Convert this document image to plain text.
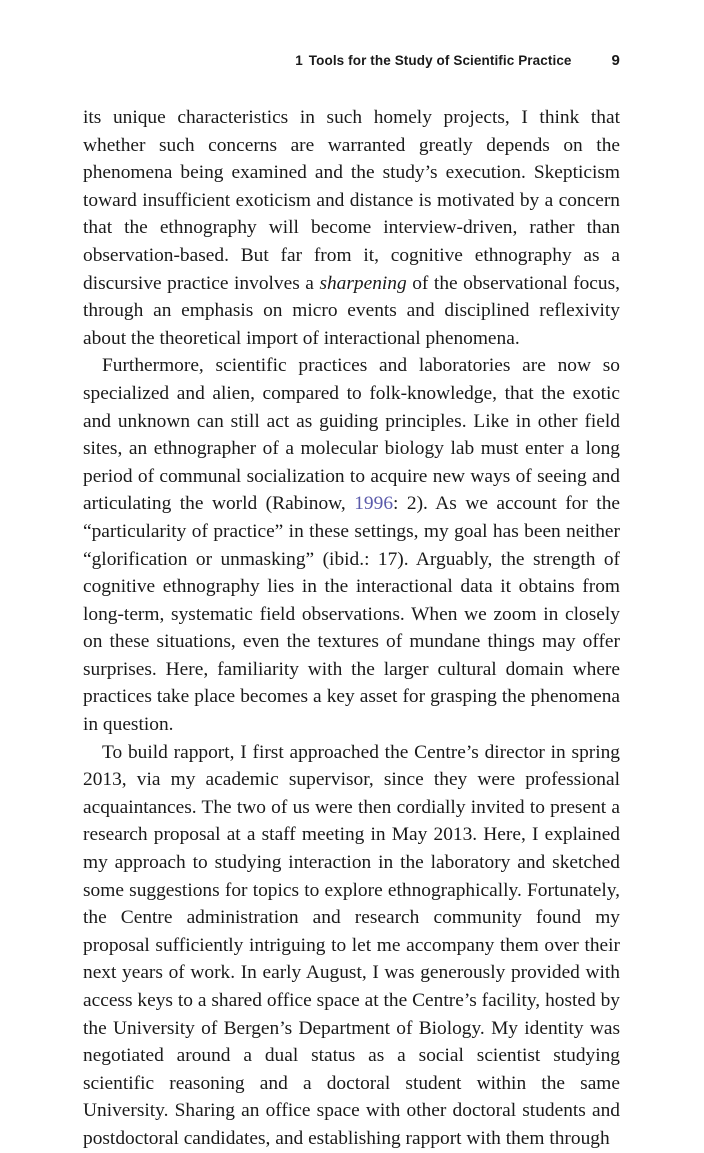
1 Tools for the Study of Scientific Practice	9

its unique characteristics in such homely projects, I think that whether such concerns are warranted greatly depends on the phenomena being examined and the study’s execution. Skepticism toward insufficient exoticism and distance is motivated by a concern that the ethnography will become interview-driven, rather than observation-based. But far from it, cognitive ethnography as a discursive practice involves a sharpening of the observational focus, through an emphasis on micro events and disciplined reflexivity about the theoretical import of interactional phenomena.

Furthermore, scientific practices and laboratories are now so specialized and alien, compared to folk-knowledge, that the exotic and unknown can still act as guiding principles. Like in other field sites, an ethnographer of a molecular biology lab must enter a long period of communal socialization to acquire new ways of seeing and articulating the world (Rabinow, 1996: 2). As we account for the “particularity of practice” in these settings, my goal has been neither “glorification or unmasking” (ibid.: 17). Arguably, the strength of cognitive ethnography lies in the interactional data it obtains from long-term, systematic field observations. When we zoom in closely on these situations, even the textures of mundane things may offer surprises. Here, familiarity with the larger cultural domain where practices take place becomes a key asset for grasping the phenomena in question.

To build rapport, I first approached the Centre’s director in spring 2013, via my academic supervisor, since they were professional acquaintances. The two of us were then cordially invited to present a research proposal at a staff meeting in May 2013. Here, I explained my approach to studying interaction in the laboratory and sketched some suggestions for topics to explore ethnographically. Fortunately, the Centre administration and research community found my proposal sufficiently intriguing to let me accompany them over their next years of work. In early August, I was generously provided with access keys to a shared office space at the Centre’s facility, hosted by the University of Bergen’s Department of Biology. My identity was negotiated around a dual status as a social scientist studying scientific reasoning and a doctoral student within the same University. Sharing an office space with other doctoral students and postdoctoral candidates, and establishing rapport with them through
